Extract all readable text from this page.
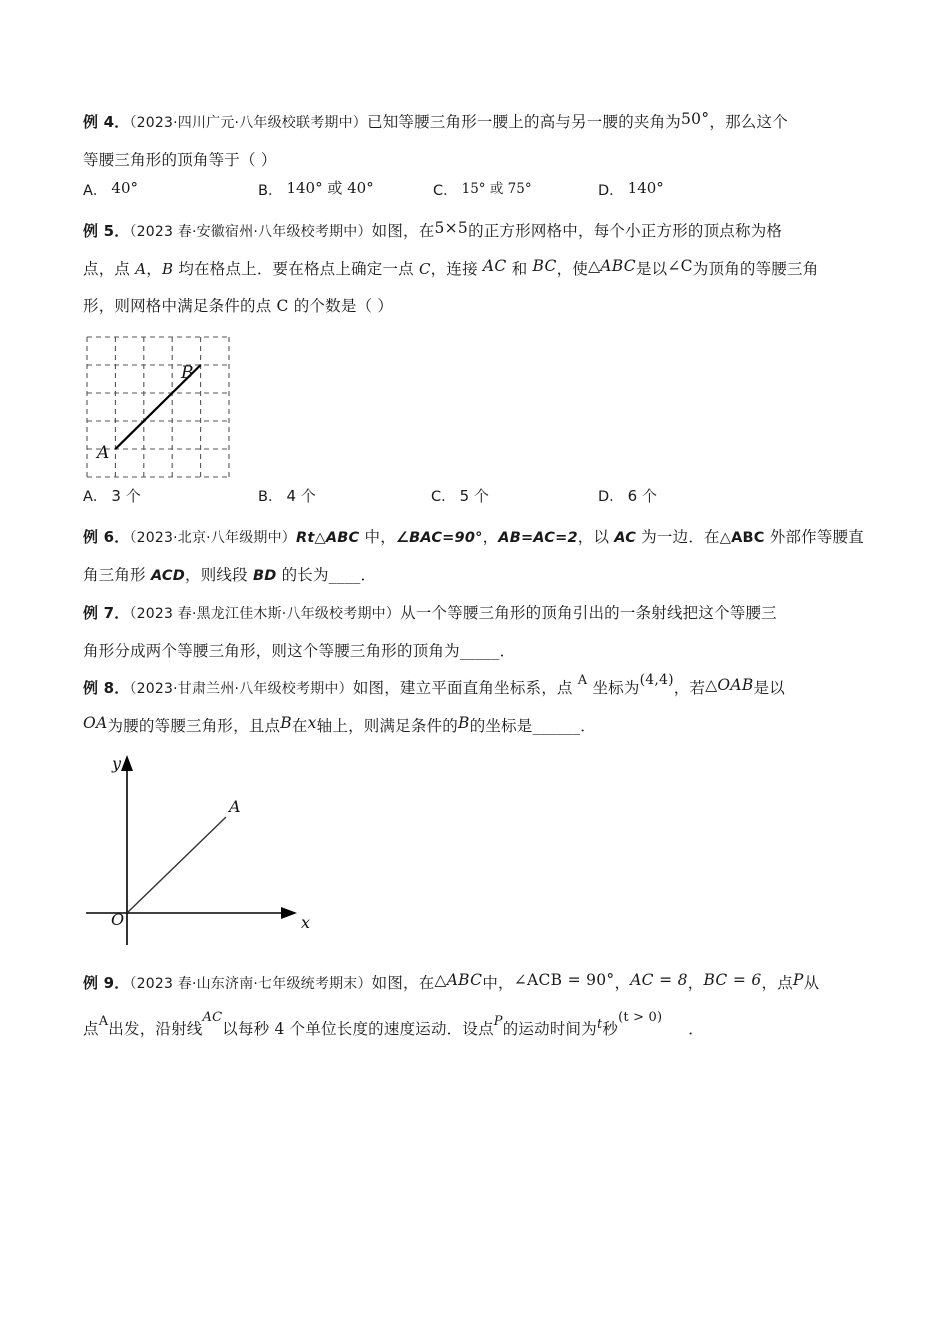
例 4．（2023·四川广元·八年级校联考期中）已知等腰三角形一腰上的高与另一腰的夹角为50°，那么这个
等腰三角形的顶角等于（ ）
A． 40°	B． 140° 或 40°	C． 15° 或 75°	D． 140°
例 5．（2023 春·安徽宿州·八年级校考期中）如图，在5×5的正方形网格中，每个小正方形的顶点称为格
点，点 A，B 均在格点上．要在格点上确定一点 C，连接 AC 和 BC，使△ABC是以∠C为顶角的等腰三角
形，则网格中满足条件的点 C 的个数是（ ）
A
B
A． 3 个	B． 4 个	C． 5 个	D． 6 个
例 6．（2023·北京·八年级期中）Rt△ABC 中，∠BAC=90°，AB=AC=2，以 AC 为一边．在△ABC 外部作等腰直
角三角形 ACD，则线段 BD 的长为____．
例 7．（2023 春·黑龙江佳木斯·八年级校考期中）从一个等腰三角形的顶角引出的一条射线把这个等腰三
角形分成两个等腰三角形，则这个等腰三角形的顶角为_____．
例 8．（2023·甘肃兰州·八年级校考期中）如图，建立平面直角坐标系，点 $^A$ 坐标为(4,4)，若△OAB是以
OA为腰的等腰三角形，且点B在x轴上，则满足条件的B的坐标是______．
O
y
x
A
例 9．（2023 春·山东济南·七年级统考期末）如图，在△ABC中，∠ACB = 90°，AC = 8，BC = 6，点P从
点$^A$出发，沿射线$^{AC}$以每秒 4 个单位长度的速度运动．设点$^P$的运动时间为$^t$秒$^{(t > 0)}$．
